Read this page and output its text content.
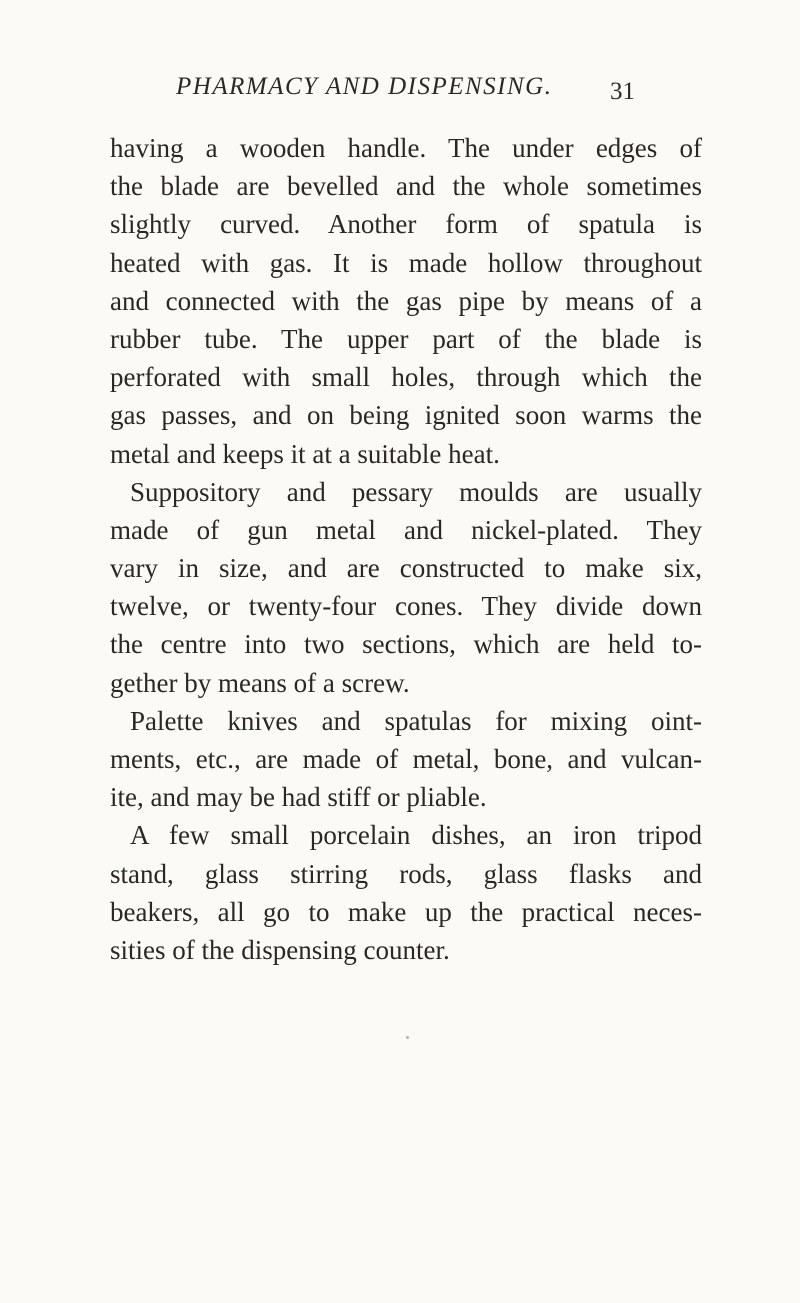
PHARMACY AND DISPENSING. 31
having a wooden handle. The under edges of
the blade are bevelled and the whole sometimes
slightly curved. Another form of spatula is
heated with gas. It is made hollow throughout
and connected with the gas pipe by means of a
rubber tube. The upper part of the blade is
perforated with small holes, through which the
gas passes, and on being ignited soon warms the
metal and keeps it at a suitable heat.
Suppository and pessary moulds are usually
made of gun metal and nickel-plated. They
vary in size, and are constructed to make six,
twelve, or twenty-four cones. They divide down
the centre into two sections, which are held to-
gether by means of a screw.
Palette knives and spatulas for mixing oint-
ments, etc., are made of metal, bone, and vulcan-
ite, and may be had stiff or pliable.
A few small porcelain dishes, an iron tripod
stand, glass stirring rods, glass flasks and
beakers, all go to make up the practical neces-
sities of the dispensing counter.
